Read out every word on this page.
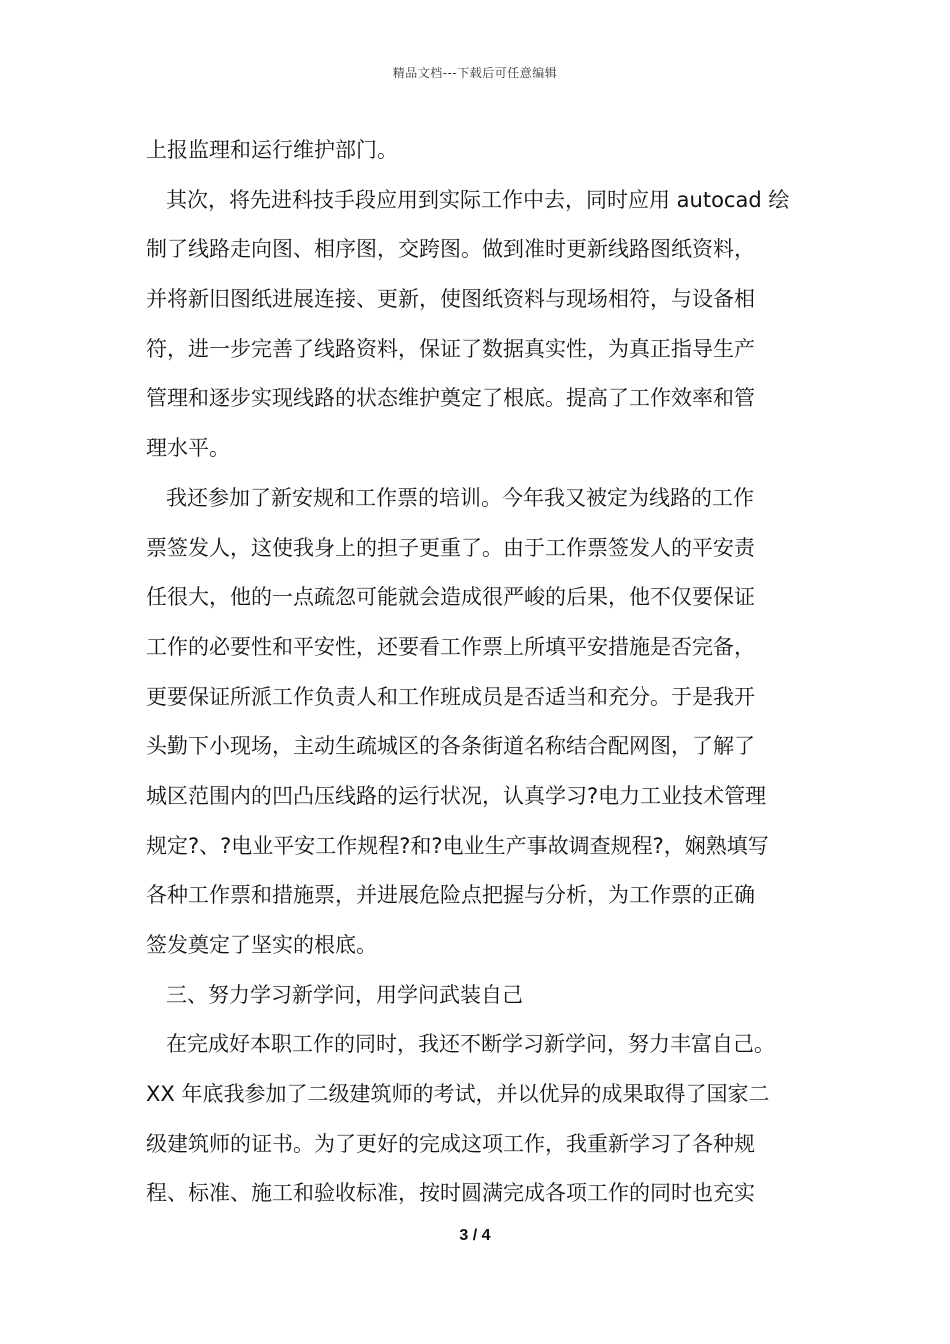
精品文档---下载后可任意编辑
上报监理和运行维护部门。
其次，将先进科技手段应用到实际工作中去，同时应用 autocad 绘
制了线路走向图、相序图，交跨图。做到准时更新线路图纸资料，
并将新旧图纸进展连接、更新，使图纸资料与现场相符，与设备相
符，进一步完善了线路资料，保证了数据真实性，为真正指导生产
管理和逐步实现线路的状态维护奠定了根底。提高了工作效率和管
理水平。
我还参加了新安规和工作票的培训。今年我又被定为线路的工作
票签发人，这使我身上的担子更重了。由于工作票签发人的平安责
任很大，他的一点疏忽可能就会造成很严峻的后果，他不仅要保证
工作的必要性和平安性，还要看工作票上所填平安措施是否完备，
更要保证所派工作负责人和工作班成员是否适当和充分。于是我开
头勤下小现场，主动生疏城区的各条街道名称结合配网图，了解了
城区范围内的凹凸压线路的运行状况，认真学习?电力工业技术管理
规定?、?电业平安工作规程?和?电业生产事故调查规程?，娴熟填写
各种工作票和措施票，并进展危险点把握与分析，为工作票的正确
签发奠定了坚实的根底。
三、努力学习新学问，用学问武装自己
在完成好本职工作的同时，我还不断学习新学问，努力丰富自己。
XX 年底我参加了二级建筑师的考试，并以优异的成果取得了国家二
级建筑师的证书。为了更好的完成这项工作，我重新学习了各种规
程、标准、施工和验收标准，按时圆满完成各项工作的同时也充实
3 / 4
